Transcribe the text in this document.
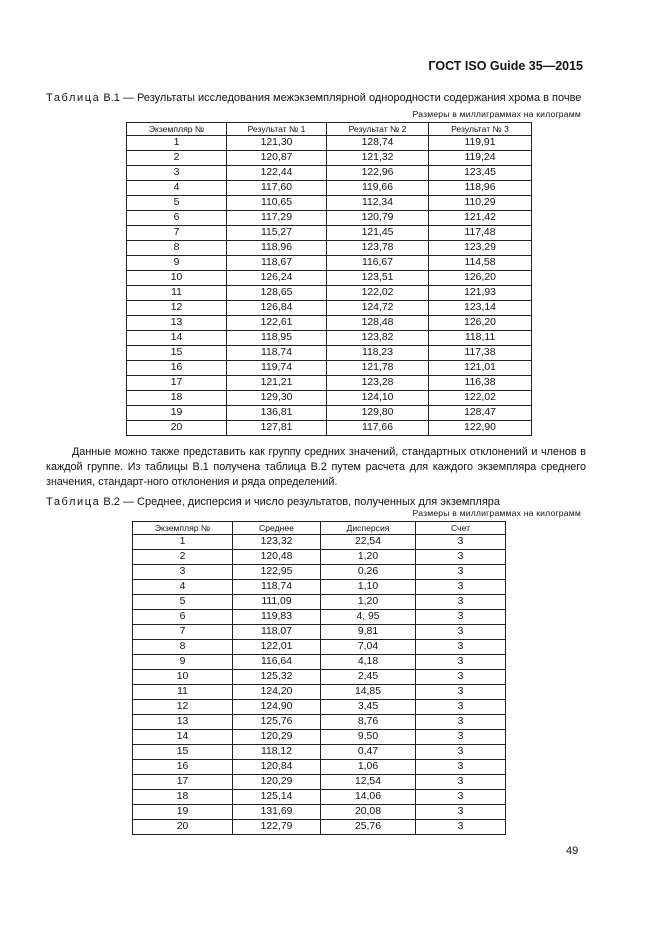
ГОСТ ISO Guide 35—2015
Таблица В.1 — Результаты исследования межэкземплярной однородности содержания хрома в почве
Размеры в миллиграммах на килограмм
Экземпляр №	Результат № 1	Результат № 2	Результат № 3
1	121,30	128,74	119,91
2	120,87	121,32	119,24
3	122,44	122,96	123,45
4	117,60	119,66	118,96
5	110,65	112,34	110,29
6	117,29	120,79	121,42
7	115,27	121,45	117,48
8	118,96	123,78	123,29
9	118,67	116,67	114,58
10	126,24	123,51	126,20
11	128,65	122,02	121,93
12	126,84	124,72	123,14
13	122,61	128,48	126,20
14	118,95	123,82	118,11
15	118,74	118,23	117,38
16	119,74	121,78	121,01
17	121,21	123,28	116,38
18	129,30	124,10	122,02
19	136,81	129,80	128,47
20	127,81	117,66	122,90
Данные можно также представить как группу средних значений, стандартных отклонений и членов в каждой группе. Из таблицы В.1 получена таблица В.2 путем расчета для каждого экземпляра среднего значения, стандарт-ного отклонения и ряда определений.
Таблица В.2 — Среднее, дисперсия и число результатов, полученных для экземпляра
Размеры в миллиграммах на килограмм
Экземпляр №	Среднее	Дисперсия	Счет
1	123,32	22,54	3
2	120,48	1,20	3
3	122,95	0,26	3
4	118,74	1,10	3
5	111,09	1,20	3
6	119,83	4, 95	3
7	118,07	9,81	3
8	122,01	7,04	3
9	116,64	4,18	3
10	125,32	2,45	3
11	124,20	14,85	3
12	124,90	3,45	3
13	125,76	8,76	3
14	120,29	9,50	3
15	118,12	0,47	3
16	120,84	1,06	3
17	120,29	12,54	3
18	125,14	14,06	3
19	131,69	20,08	3
20	122,79	25,76	3
49
